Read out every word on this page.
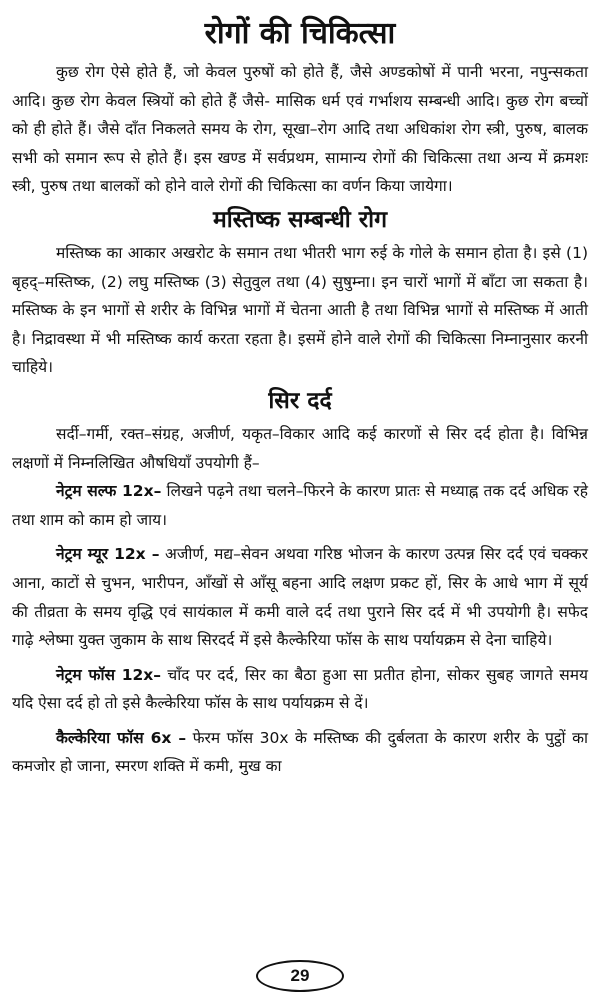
रोगों की चिकित्सा

कुछ रोग ऐसे होते हैं, जो केवल पुरुषों को होते हैं, जैसे अण्डकोषों में पानी भरना, नपुन्सकता आदि। कुछ रोग केवल स्त्रियों को होते हैं जैसे- मासिक धर्म एवं गर्भाशय सम्बन्धी आदि। कुछ रोग बच्चों को ही होते हैं। जैसे दाँत निकलते समय के रोग, सूखा–रोग आदि तथा अधिकांश रोग स्त्री, पुरुष, बालक सभी को समान रूप से होते हैं। इस खण्ड में सर्वप्रथम, सामान्य रोगों की चिकित्सा तथा अन्य में क्रमशः स्त्री, पुरुष तथा बालकों को होने वाले रोगों की चिकित्सा का वर्णन किया जायेगा।

मस्तिष्क सम्बन्धी रोग

मस्तिष्क का आकार अखरोट के समान तथा भीतरी भाग रुई के गोले के समान होता है। इसे (1) बृहद्–मस्तिष्क, (2) लघु मस्तिष्क (3) सेतुवुल तथा (4) सुषुम्ना। इन चारों भागों में बाँटा जा सकता है। मस्तिष्क के इन भागों से शरीर के विभिन्न भागों में चेतना आती है तथा विभिन्न भागों से मस्तिष्क में आती है। निद्रावस्था में भी मस्तिष्क कार्य करता रहता है। इसमें होने वाले रोगों की चिकित्सा निम्नानुसार करनी चाहिये।

सिर दर्द

सर्दी–गर्मी, रक्त–संग्रह, अजीर्ण, यकृत–विकार आदि कई कारणों से सिर दर्द होता है। विभिन्न लक्षणों में निम्नलिखित औषधियाँ उपयोगी हैं–

नेट्रम सल्फ 12x– लिखने पढ़ने तथा चलने–फिरने के कारण प्रातः से मध्याह्न तक दर्द अधिक रहे तथा शाम को काम हो जाय।

नेट्रम म्यूर 12x – अजीर्ण, मद्य–सेवन अथवा गरिष्ठ भोजन के कारण उत्पन्न सिर दर्द एवं चक्कर आना, काटों से चुभन, भारीपन, आँखों से आँसू बहना आदि लक्षण प्रकट हों, सिर के आधे भाग में सूर्य की तीव्रता के समय वृद्धि एवं सायंकाल में कमी वाले दर्द तथा पुराने सिर दर्द में भी उपयोगी है। सफेद गाढ़े श्लेष्मा युक्त जुकाम के साथ सिरदर्द में इसे कैल्केरिया फॉस के साथ पर्यायक्रम से देना चाहिये।

नेट्रम फॉस 12x– चाँद पर दर्द, सिर का बैठा हुआ सा प्रतीत होना, सोकर सुबह जागते समय यदि ऐसा दर्द हो तो इसे कैल्केरिया फॉस के साथ पर्यायक्रम से दें।

कैल्केरिया फॉस 6x – फेरम फॉस 30x के मस्तिष्क की दुर्बलता के कारण शरीर के पुट्ठों का कमजोर हो जाना, स्मरण शक्ति में कमी, मुख का

29
